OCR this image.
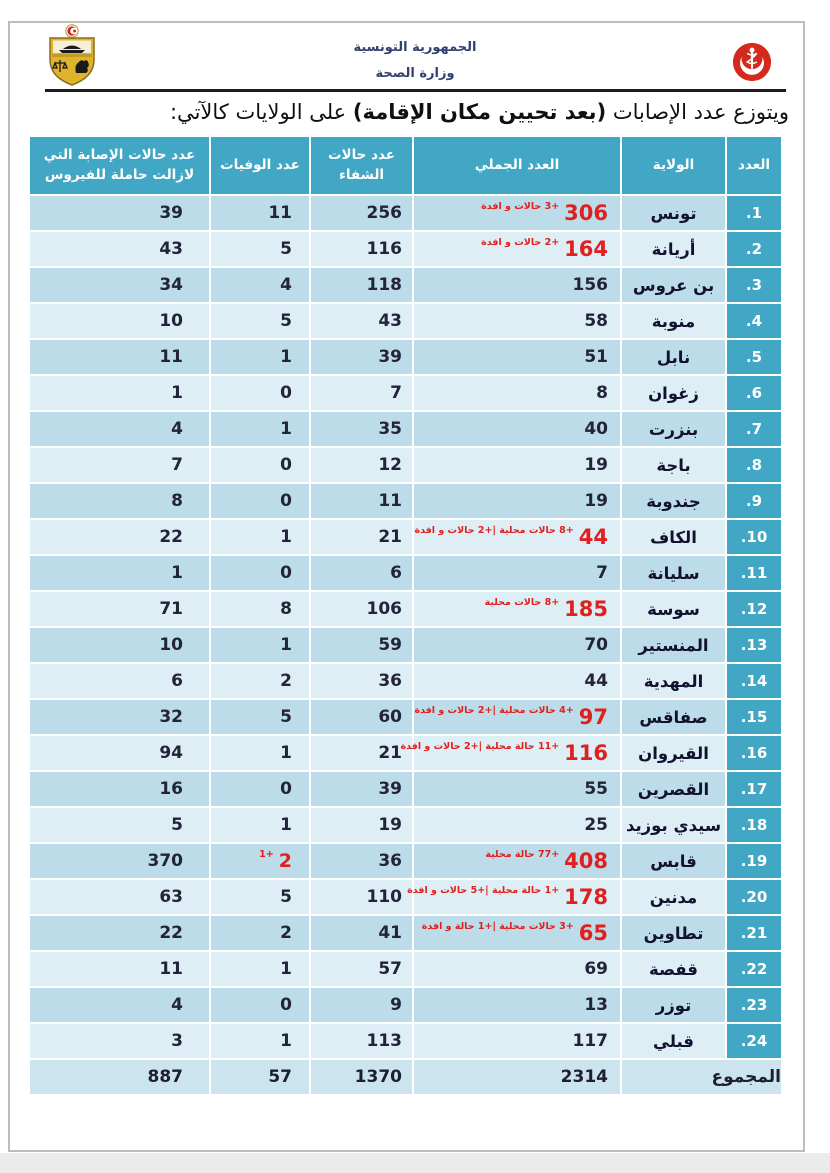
الجمهورية التونسية
وزارة الصحة
ويتوزع عدد الإصابات (بعد تحيين مكان الإقامة) على الولايات كالآتي:
العدد
الولاية
العدد الجملي
عدد حالات الشفاء
عدد الوفيات
عدد حالات الإصابة التي لازالت حاملة للفيروس
.1
تونس
306
+3 حالات و افدة
256
11
39
.2
أريانة
164
+2 حالات و افدة
116
5
43
.3
بن عروس
156
118
4
34
.4
منوبة
58
43
5
10
.5
نابل
51
39
1
11
.6
زغوان
8
7
0
1
.7
بنزرت
40
35
1
4
.8
باجة
19
12
0
7
.9
جندوبة
19
11
0
8
.10
الكاف
44
+8 حالات محلية |+2 حالات و افدة
21
1
22
.11
سليانة
7
6
0
1
.12
سوسة
185
+8 حالات محلية
106
8
71
.13
المنستير
70
59
1
10
.14
المهدية
44
36
2
6
.15
صفاقس
97
+4 حالات محلية |+2 حالات و افدة
60
5
32
.16
القيروان
116
+11 حالة محلية |+2 حالات و افدة
21
1
94
.17
القصرين
55
39
0
16
.18
سيدي بوزيد
25
19
1
5
.19
قابس
408
+77 حالة محلية
36
2
+1
370
.20
مدنين
178
+1 حالة محلية |+5 حالات و افدة
110
5
63
.21
تطاوين
65
+3 حالات محلية |+1 حالة و افدة
41
2
22
.22
قفصة
69
57
1
11
.23
توزر
13
9
0
4
.24
قبلي
117
113
1
3
المجموع
2314
1370
57
887
